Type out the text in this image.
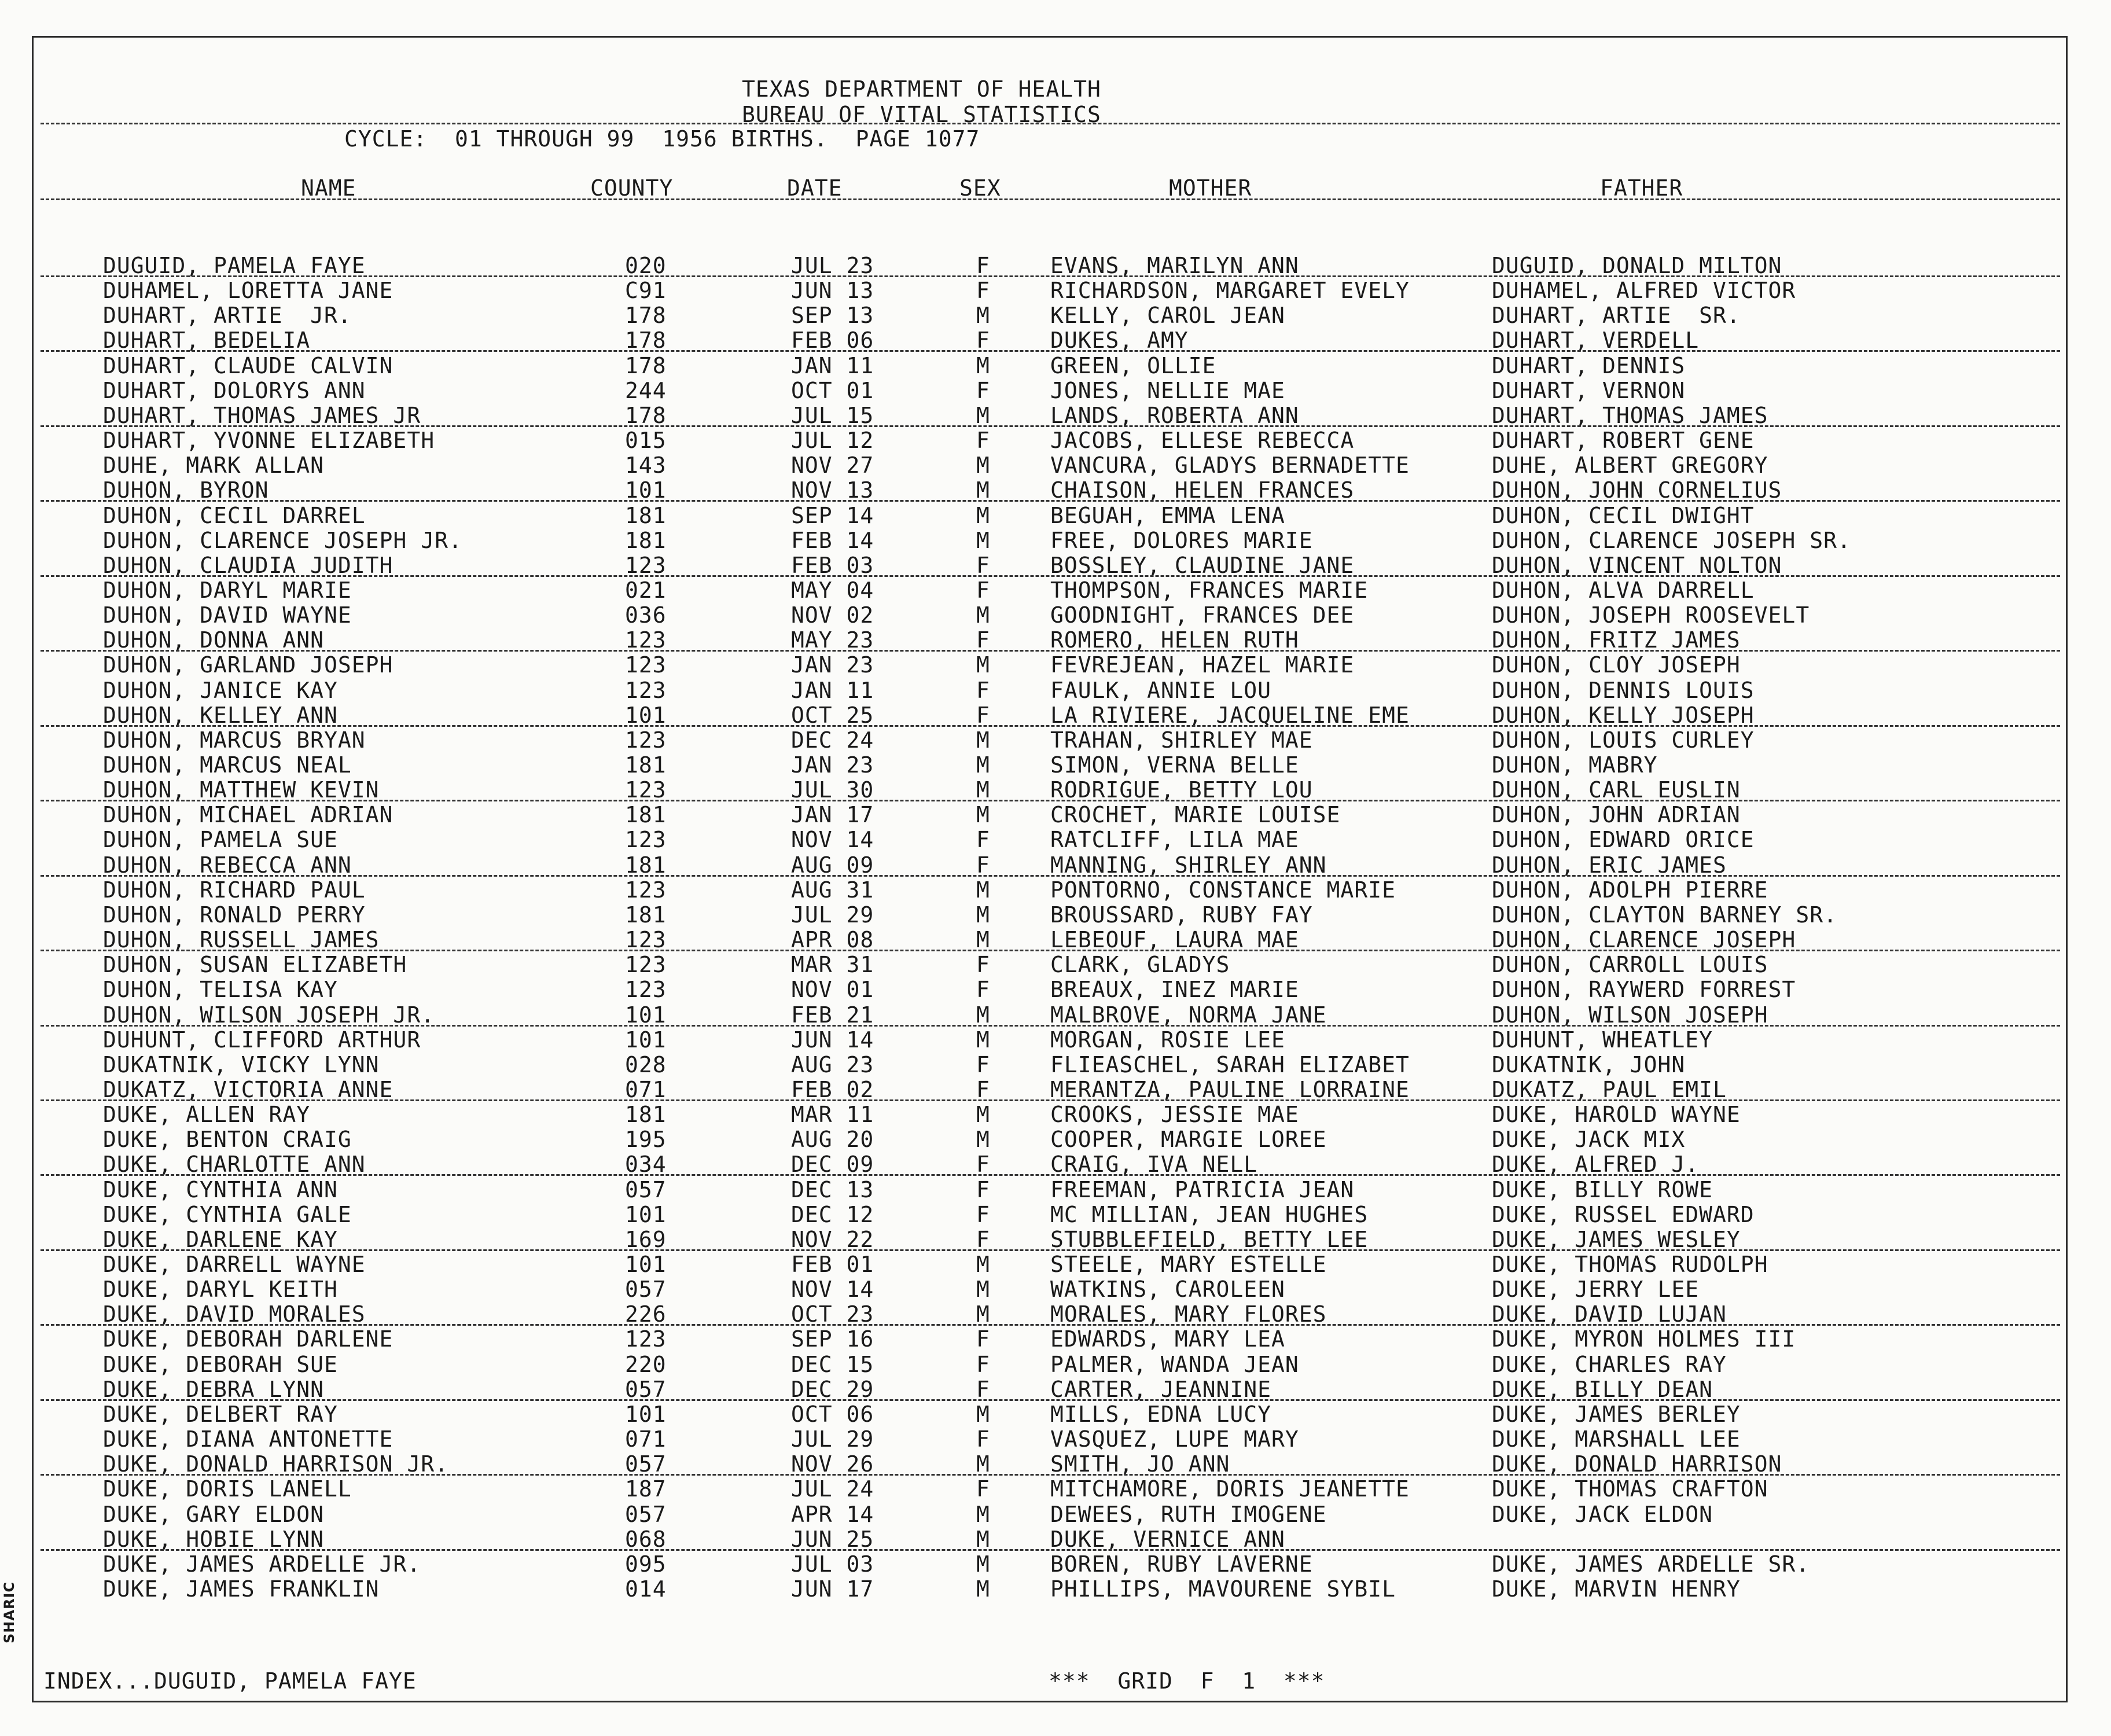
TEXAS DEPARTMENT OF HEALTH
BUREAU OF VITAL STATISTICS
CYCLE:  01 THROUGH 99  1956 BIRTHS.  PAGE 1077
NAME	COUNTY	DATE	SEX	MOTHER	FATHER
DUGUID, PAMELA FAYE	020	JUL 23	F	EVANS, MARILYN ANN	DUGUID, DONALD MILTON
DUHAMEL, LORETTA JANE	C91	JUN 13	F	RICHARDSON, MARGARET EVELY	DUHAMEL, ALFRED VICTOR
DUHART, ARTIE  JR.	178	SEP 13	M	KELLY, CAROL JEAN	DUHART, ARTIE  SR.
DUHART, BEDELIA	178	FEB 06	F	DUKES, AMY	DUHART, VERDELL
DUHART, CLAUDE CALVIN	178	JAN 11	M	GREEN, OLLIE	DUHART, DENNIS
DUHART, DOLORYS ANN	244	OCT 01	F	JONES, NELLIE MAE	DUHART, VERNON
DUHART, THOMAS JAMES JR	178	JUL 15	M	LANDS, ROBERTA ANN	DUHART, THOMAS JAMES
DUHART, YVONNE ELIZABETH	015	JUL 12	F	JACOBS, ELLESE REBECCA	DUHART, ROBERT GENE
DUHE, MARK ALLAN	143	NOV 27	M	VANCURA, GLADYS BERNADETTE	DUHE, ALBERT GREGORY
DUHON, BYRON	101	NOV 13	M	CHAISON, HELEN FRANCES	DUHON, JOHN CORNELIUS
DUHON, CECIL DARREL	181	SEP 14	M	BEGUAH, EMMA LENA	DUHON, CECIL DWIGHT
DUHON, CLARENCE JOSEPH JR.	181	FEB 14	M	FREE, DOLORES MARIE	DUHON, CLARENCE JOSEPH SR.
DUHON, CLAUDIA JUDITH	123	FEB 03	F	BOSSLEY, CLAUDINE JANE	DUHON, VINCENT NOLTON
DUHON, DARYL MARIE	021	MAY 04	F	THOMPSON, FRANCES MARIE	DUHON, ALVA DARRELL
DUHON, DAVID WAYNE	036	NOV 02	M	GOODNIGHT, FRANCES DEE	DUHON, JOSEPH ROOSEVELT
DUHON, DONNA ANN	123	MAY 23	F	ROMERO, HELEN RUTH	DUHON, FRITZ JAMES
DUHON, GARLAND JOSEPH	123	JAN 23	M	FEVREJEAN, HAZEL MARIE	DUHON, CLOY JOSEPH
DUHON, JANICE KAY	123	JAN 11	F	FAULK, ANNIE LOU	DUHON, DENNIS LOUIS
DUHON, KELLEY ANN	101	OCT 25	F	LA RIVIERE, JACQUELINE EME	DUHON, KELLY JOSEPH
DUHON, MARCUS BRYAN	123	DEC 24	M	TRAHAN, SHIRLEY MAE	DUHON, LOUIS CURLEY
DUHON, MARCUS NEAL	181	JAN 23	M	SIMON, VERNA BELLE	DUHON, MABRY
DUHON, MATTHEW KEVIN	123	JUL 30	M	RODRIGUE, BETTY LOU	DUHON, CARL EUSLIN
DUHON, MICHAEL ADRIAN	181	JAN 17	M	CROCHET, MARIE LOUISE	DUHON, JOHN ADRIAN
DUHON, PAMELA SUE	123	NOV 14	F	RATCLIFF, LILA MAE	DUHON, EDWARD ORICE
DUHON, REBECCA ANN	181	AUG 09	F	MANNING, SHIRLEY ANN	DUHON, ERIC JAMES
DUHON, RICHARD PAUL	123	AUG 31	M	PONTORNO, CONSTANCE MARIE	DUHON, ADOLPH PIERRE
DUHON, RONALD PERRY	181	JUL 29	M	BROUSSARD, RUBY FAY	DUHON, CLAYTON BARNEY SR.
DUHON, RUSSELL JAMES	123	APR 08	M	LEBEOUF, LAURA MAE	DUHON, CLARENCE JOSEPH
DUHON, SUSAN ELIZABETH	123	MAR 31	F	CLARK, GLADYS	DUHON, CARROLL LOUIS
DUHON, TELISA KAY	123	NOV 01	F	BREAUX, INEZ MARIE	DUHON, RAYWERD FORREST
DUHON, WILSON JOSEPH JR.	101	FEB 21	M	MALBROVE, NORMA JANE	DUHON, WILSON JOSEPH
DUHUNT, CLIFFORD ARTHUR	101	JUN 14	M	MORGAN, ROSIE LEE	DUHUNT, WHEATLEY
DUKATNIK, VICKY LYNN	028	AUG 23	F	FLIEASCHEL, SARAH ELIZABET	DUKATNIK, JOHN
DUKATZ, VICTORIA ANNE	071	FEB 02	F	MERANTZA, PAULINE LORRAINE	DUKATZ, PAUL EMIL
DUKE, ALLEN RAY	181	MAR 11	M	CROOKS, JESSIE MAE	DUKE, HAROLD WAYNE
DUKE, BENTON CRAIG	195	AUG 20	M	COOPER, MARGIE LOREE	DUKE, JACK MIX
DUKE, CHARLOTTE ANN	034	DEC 09	F	CRAIG, IVA NELL	DUKE, ALFRED J.
DUKE, CYNTHIA ANN	057	DEC 13	F	FREEMAN, PATRICIA JEAN	DUKE, BILLY ROWE
DUKE, CYNTHIA GALE	101	DEC 12	F	MC MILLIAN, JEAN HUGHES	DUKE, RUSSEL EDWARD
DUKE, DARLENE KAY	169	NOV 22	F	STUBBLEFIELD, BETTY LEE	DUKE, JAMES WESLEY
DUKE, DARRELL WAYNE	101	FEB 01	M	STEELE, MARY ESTELLE	DUKE, THOMAS RUDOLPH
DUKE, DARYL KEITH	057	NOV 14	M	WATKINS, CAROLEEN	DUKE, JERRY LEE
DUKE, DAVID MORALES	226	OCT 23	M	MORALES, MARY FLORES	DUKE, DAVID LUJAN
DUKE, DEBORAH DARLENE	123	SEP 16	F	EDWARDS, MARY LEA	DUKE, MYRON HOLMES III
DUKE, DEBORAH SUE	220	DEC 15	F	PALMER, WANDA JEAN	DUKE, CHARLES RAY
DUKE, DEBRA LYNN	057	DEC 29	F	CARTER, JEANNINE	DUKE, BILLY DEAN
DUKE, DELBERT RAY	101	OCT 06	M	MILLS, EDNA LUCY	DUKE, JAMES BERLEY
DUKE, DIANA ANTONETTE	071	JUL 29	F	VASQUEZ, LUPE MARY	DUKE, MARSHALL LEE
DUKE, DONALD HARRISON JR.	057	NOV 26	M	SMITH, JO ANN	DUKE, DONALD HARRISON
DUKE, DORIS LANELL	187	JUL 24	F	MITCHAMORE, DORIS JEANETTE	DUKE, THOMAS CRAFTON
DUKE, GARY ELDON	057	APR 14	M	DEWEES, RUTH IMOGENE	DUKE, JACK ELDON
DUKE, HOBIE LYNN	068	JUN 25	M	DUKE, VERNICE ANN
DUKE, JAMES ARDELLE JR.	095	JUL 03	M	BOREN, RUBY LAVERNE	DUKE, JAMES ARDELLE SR.
DUKE, JAMES FRANKLIN	014	JUN 17	M	PHILLIPS, MAVOURENE SYBIL	DUKE, MARVIN HENRY
INDEX...DUGUID, PAMELA FAYE	***  GRID  F  1  ***
SHARIC
